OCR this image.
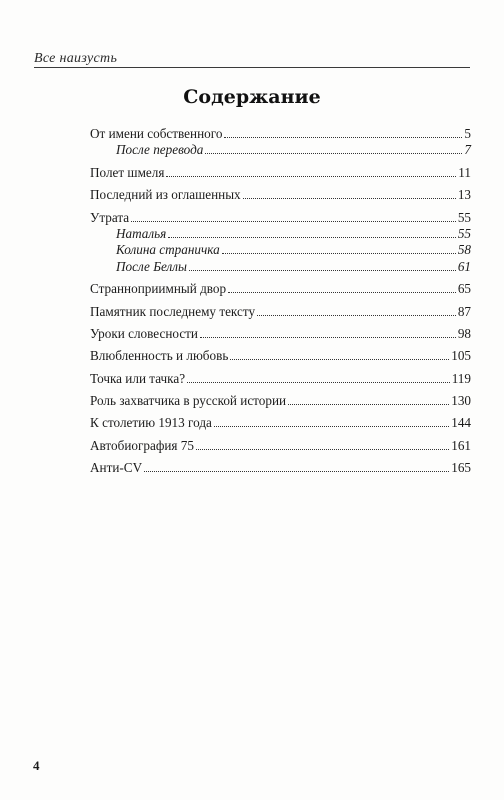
Все наизусть
Содержание
От имени собственного	5
После перевода	7
Полет шмеля	11
Последний из оглашенных	13
Утрата	55
Наталья	55
Колина страничка	58
После Беллы	61
Странноприимный двор	65
Памятник последнему тексту	87
Уроки словесности	98
Влюбленность и любовь	105
Точка или тачка?	119
Роль захватчика в русской истории	130
К столетию 1913 года	144
Автобиография 75	161
Анти-CV	165
4
